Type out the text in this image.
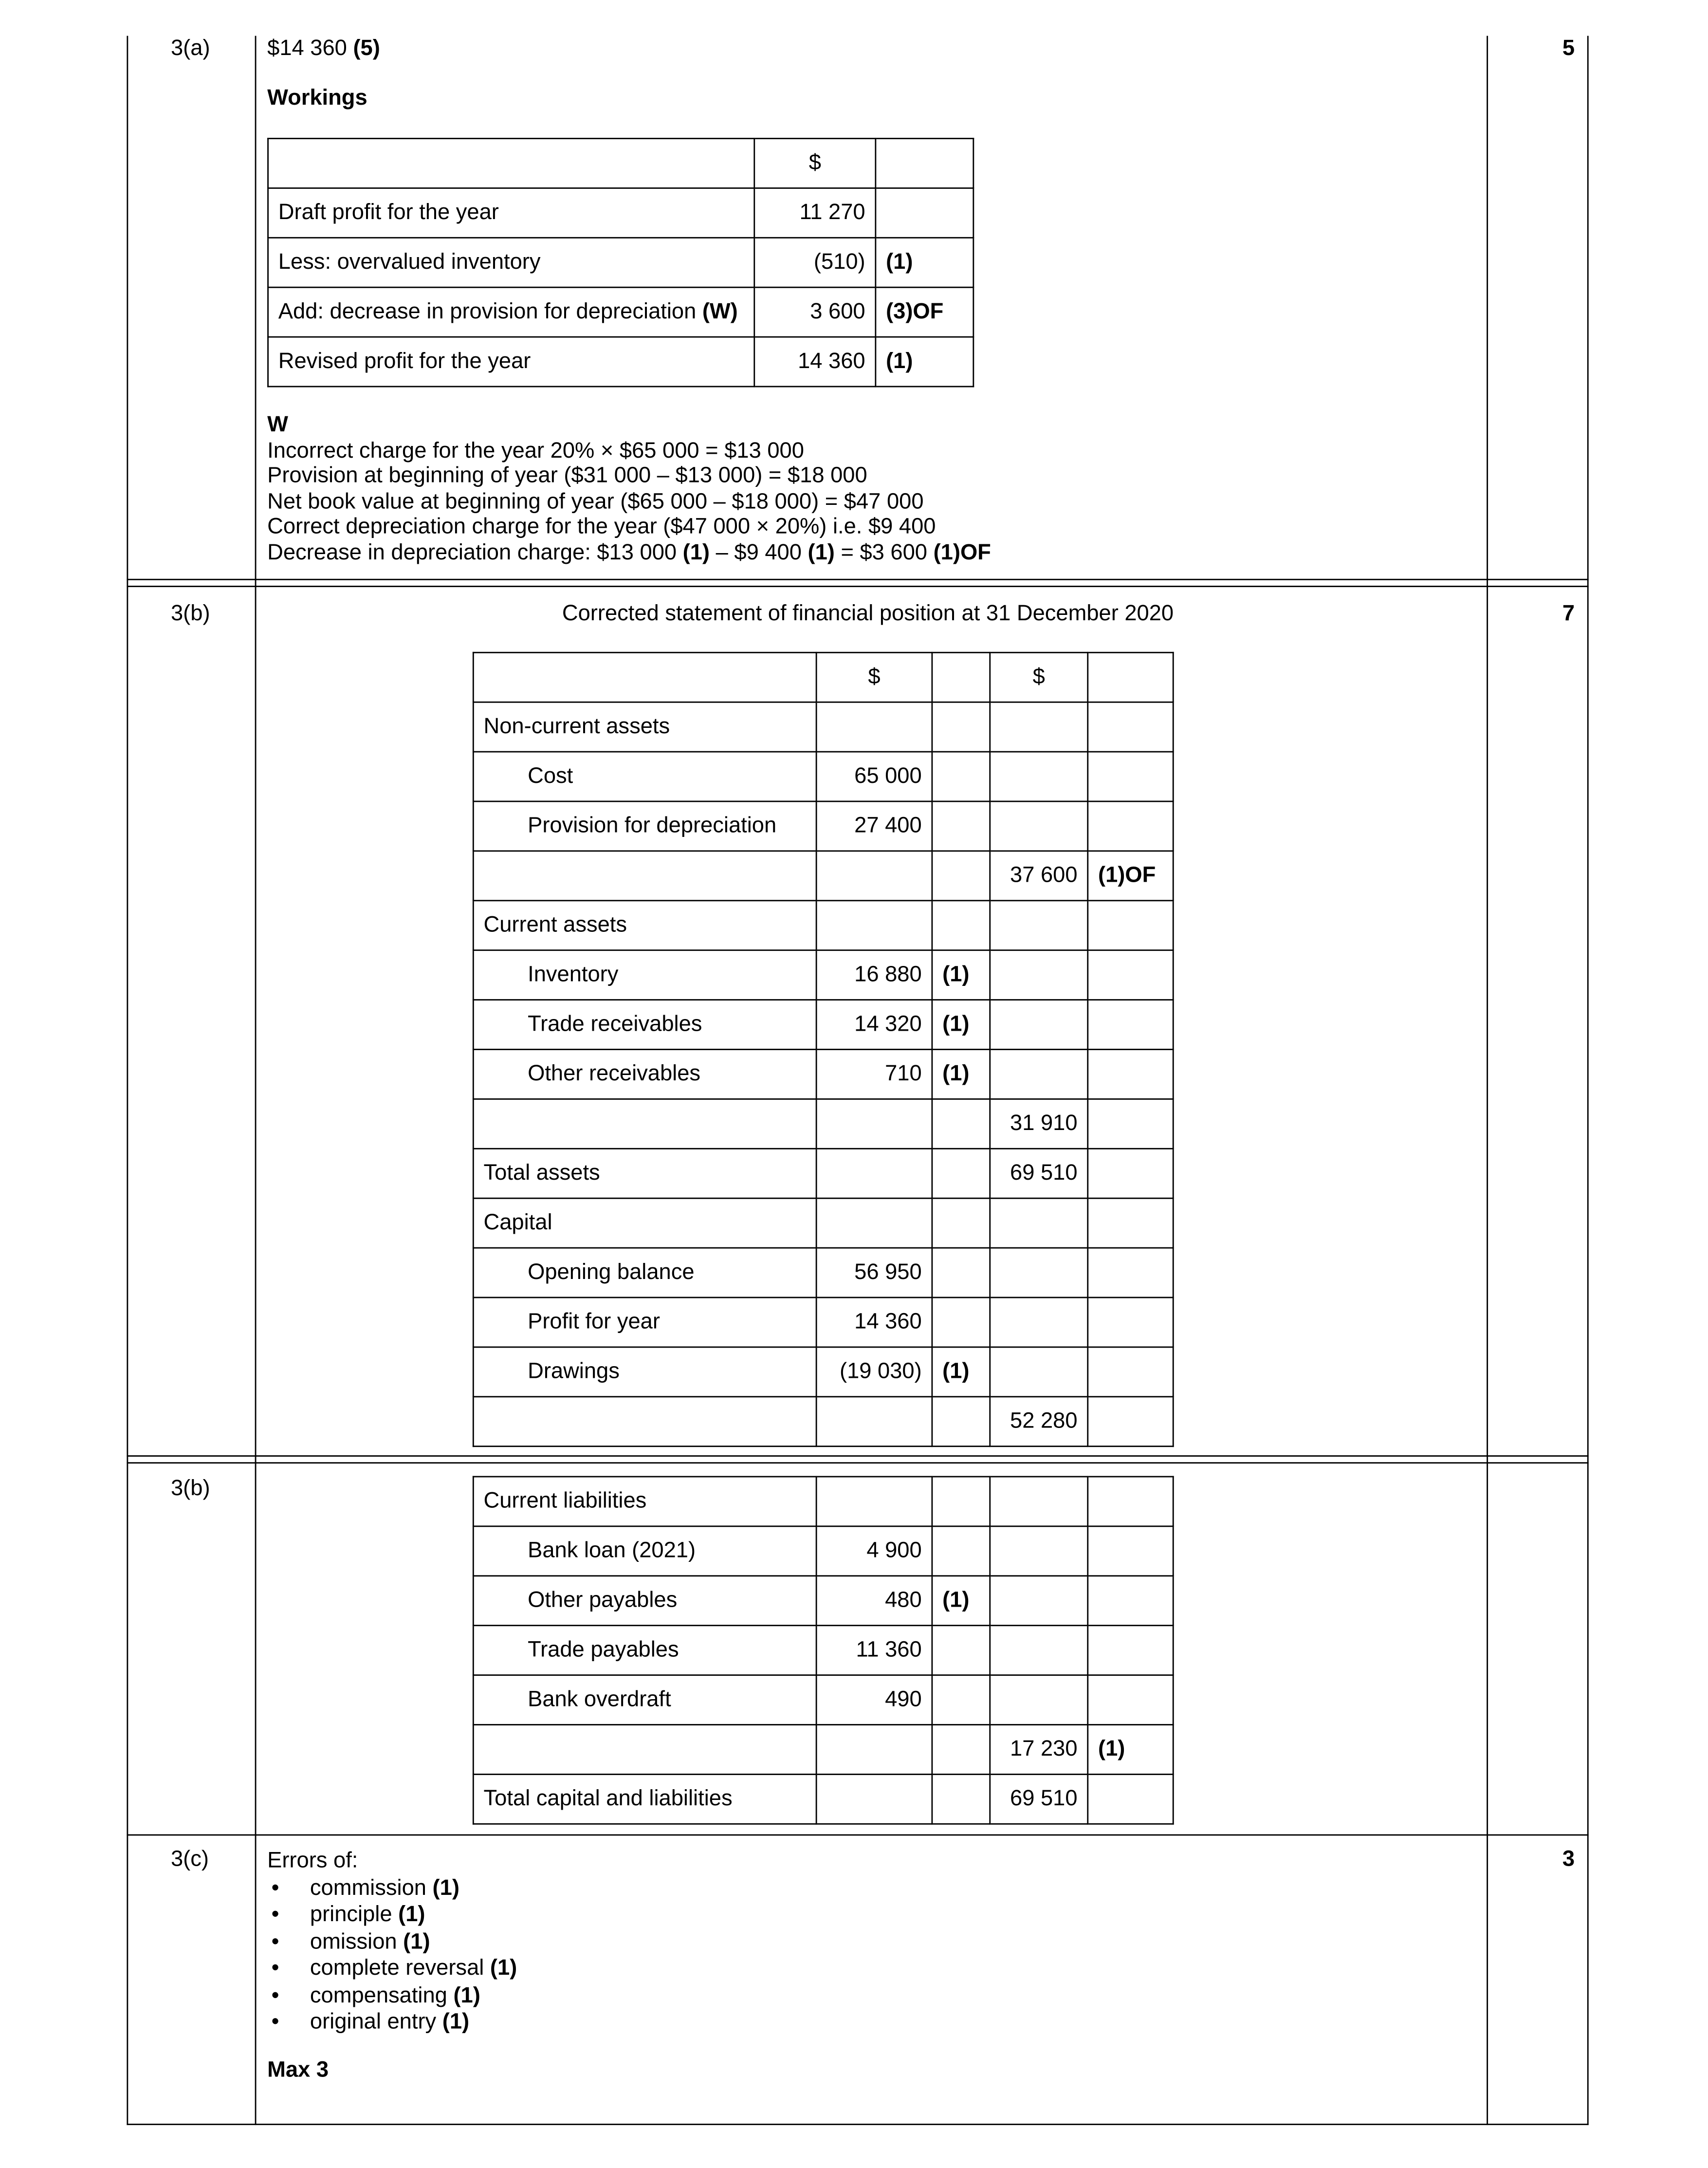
3(a)	5
$14 360 (5)
Workings
	$	
Draft profit for the year	11 270	
Less: overvalued inventory	(510)	(1)
Add: decrease in provision for depreciation (W)	3 600	(3)OF
Revised profit for the year	14 360	(1)
W
Incorrect charge for the year 20% × $65 000 = $13 000
Provision at beginning of year ($31 000 – $13 000) = $18 000
Net book value at beginning of year ($65 000 – $18 000) = $47 000
Correct depreciation charge for the year ($47 000 × 20%) i.e. $9 400
Decrease in depreciation charge: $13 000 (1) – $9 400 (1) = $3 600 (1)OF
3(b)	7
Corrected statement of financial position at 31 December 2020
	$		$	
Non-current assets				
Cost	65 000			
Provision for depreciation	27 400			
			37 600	(1)OF
Current assets				
Inventory	16 880	(1)		
Trade receivables	14 320	(1)		
Other receivables	710	(1)		
			31 910	
Total assets			69 510	
Capital				
Opening balance	56 950			
Profit for year	14 360			
Drawings	(19 030)	(1)		
			52 280	
3(b)	Current liabilities				
Bank loan (2021)	4 900			
Other payables	480	(1)		
Trade payables	11 360			
Bank overdraft	490			
			17 230	(1)
Total capital and liabilities			69 510	
3(c)	3
Errors of:
• commission (1)
• principle (1)
• omission (1)
• complete reversal (1)
• compensating (1)
• original entry (1)
Max 3
